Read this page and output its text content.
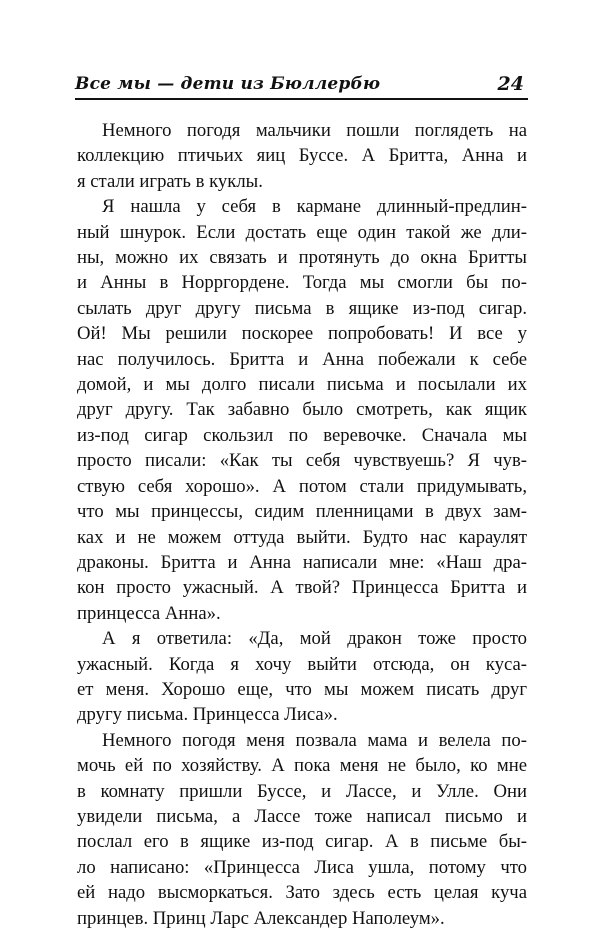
Все мы — дети из Бюллербю	24
Немного погодя мальчики пошли поглядеть на
коллекцию птичьих яиц Буссе. А Бритта, Анна и
я стали играть в куклы.
Я нашла у себя в кармане длинный-предлин-
ный шнурок. Если достать еще один такой же дли-
ны, можно их связать и протянуть до окна Бритты
и Анны в Норргордене. Тогда мы смогли бы по-
сылать друг другу письма в ящике из-под сигар.
Ой! Мы решили поскорее попробовать! И все у
нас получилось. Бритта и Анна побежали к себе
домой, и мы долго писали письма и посылали их
друг другу. Так забавно было смотреть, как ящик
из-под сигар скользил по веревочке. Сначала мы
просто писали: «Как ты себя чувствуешь? Я чув-
ствую себя хорошо». А потом стали придумывать,
что мы принцессы, сидим пленницами в двух зам-
ках и не можем оттуда выйти. Будто нас караулят
драконы. Бритта и Анна написали мне: «Наш дра-
кон просто ужасный. А твой? Принцесса Бритта и
принцесса Анна».
А я ответила: «Да, мой дракон тоже просто
ужасный. Когда я хочу выйти отсюда, он куса-
ет меня. Хорошо еще, что мы можем писать друг
другу письма. Принцесса Лиса».
Немного погодя меня позвала мама и велела по-
мочь ей по хозяйству. А пока меня не было, ко мне
в комнату пришли Буссе, и Лассе, и Улле. Они
увидели письма, а Лассе тоже написал письмо и
послал его в ящике из-под сигар. А в письме бы-
ло написано: «Принцесса Лиса ушла, потому что
ей надо высморкаться. Зато здесь есть целая куча
принцев. Принц Ларс Александер Наполеум».
